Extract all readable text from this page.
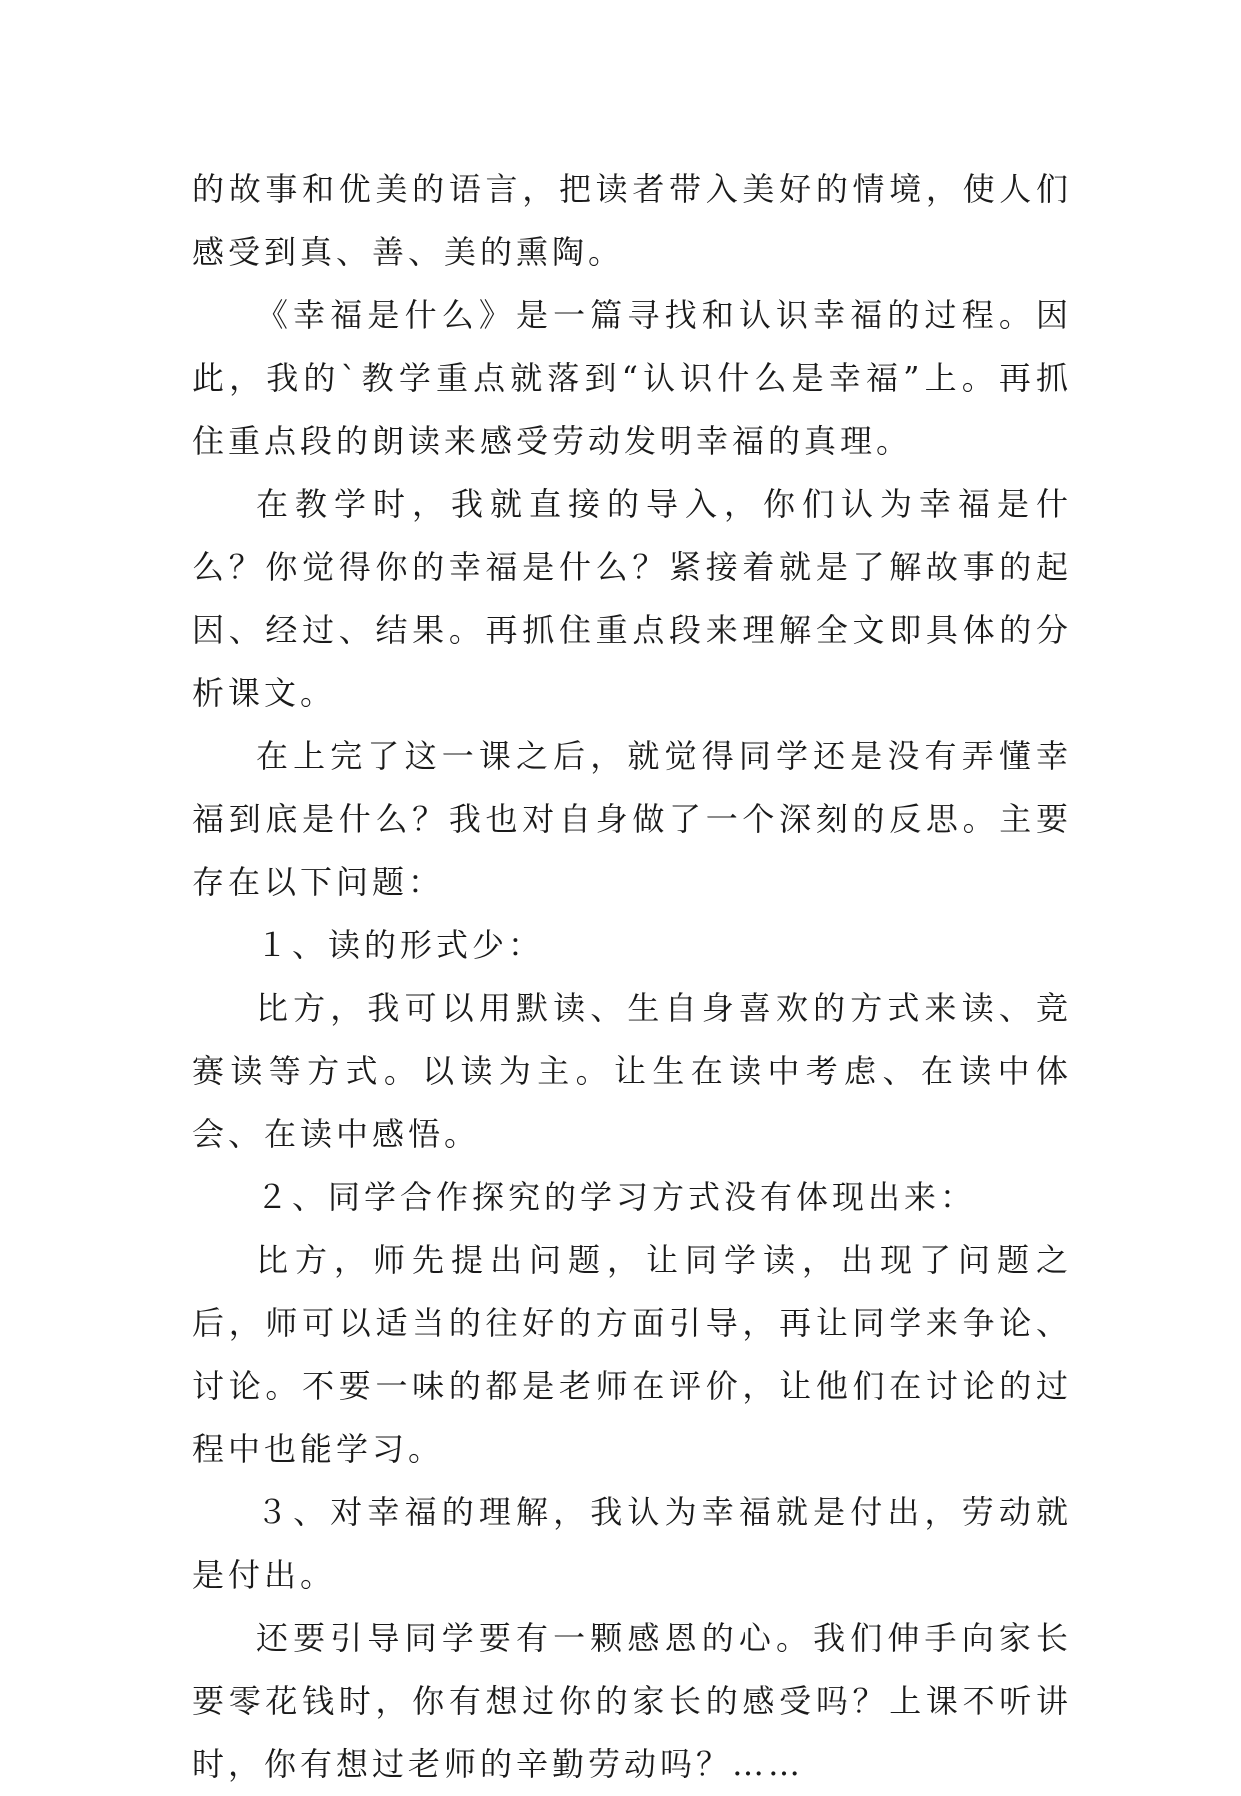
的故事和优美的语言，把读者带入美好的情境，使人们感受到真、善、美的熏陶。

《幸福是什么》是一篇寻找和认识幸福的过程。因此，我的`教学重点就落到“认识什么是幸福”上。再抓住重点段的朗读来感受劳动发明幸福的真理。

在教学时，我就直接的导入，你们认为幸福是什么？你觉得你的幸福是什么？紧接着就是了解故事的起因、经过、结果。再抓住重点段来理解全文即具体的分析课文。

在上完了这一课之后，就觉得同学还是没有弄懂幸福到底是什么？我也对自身做了一个深刻的反思。主要存在以下问题：

１、读的形式少：

比方，我可以用默读、生自身喜欢的方式来读、竞赛读等方式。以读为主。让生在读中考虑、在读中体会、在读中感悟。

２、同学合作探究的学习方式没有体现出来：

比方，师先提出问题，让同学读，出现了问题之后，师可以适当的往好的方面引导，再让同学来争论、讨论。不要一味的都是老师在评价，让他们在讨论的过程中也能学习。

３、对幸福的理解，我认为幸福就是付出，劳动就是付出。

还要引导同学要有一颗感恩的心。我们伸手向家长要零花钱时，你有想过你的家长的感受吗？上课不听讲时，你有想过老师的辛勤劳动吗？……
